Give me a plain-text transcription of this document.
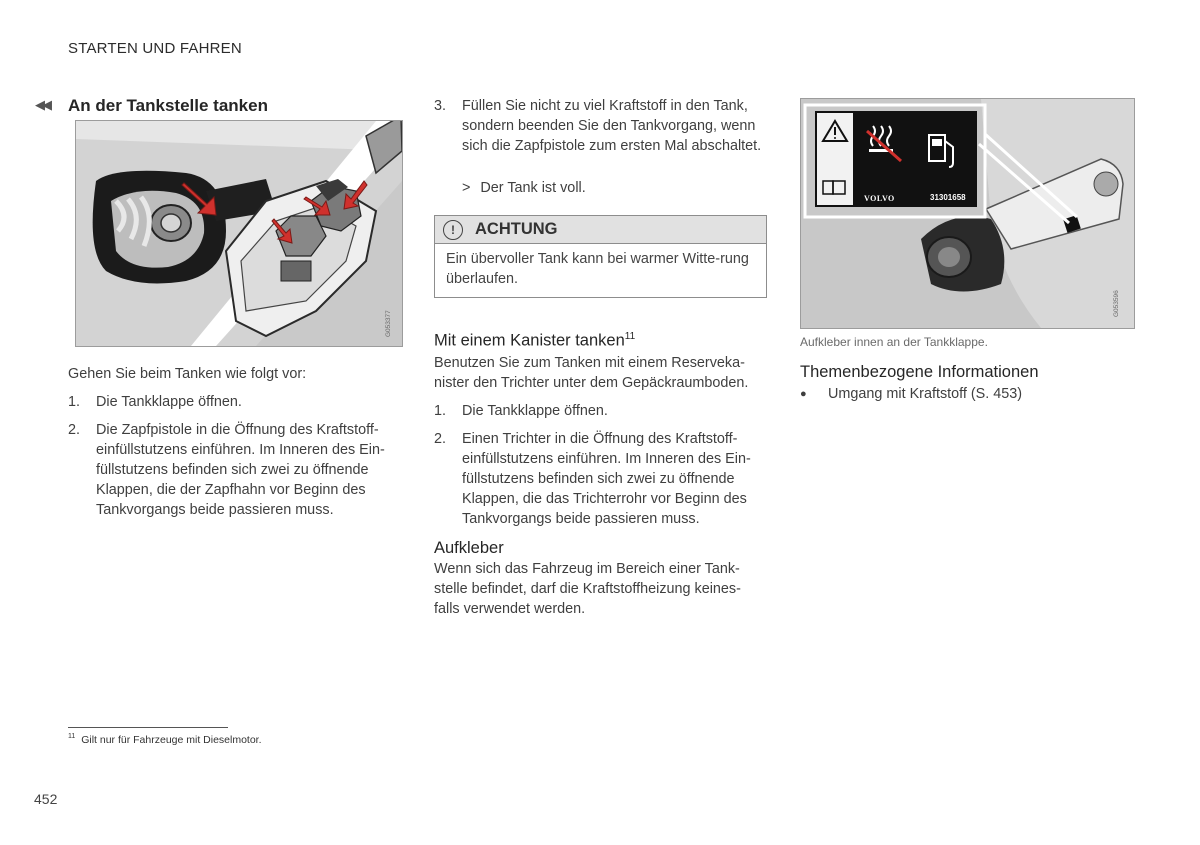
STARTEN UND FAHREN
◀◀ An der Tankstelle tanken
G053377

Gehen Sie beim Tanken wie folgt vor:

1. Die Tankklappe öffnen.
2. Die Zapfpistole in die Öffnung des Kraftstoff-einfüllstutzens einführen. Im Inneren des Ein-füllstutzens befinden sich zwei zu öffnende Klappen, die der Zapfhahn vor Beginn des Tankvorgangs beide passieren muss.
3. Füllen Sie nicht zu viel Kraftstoff in den Tank, sondern beenden Sie den Tankvorgang, wenn sich die Zapfpistole zum ersten Mal abschaltet.
> Der Tank ist voll.
!	ACHTUNG
Ein übervoller Tank kann bei warmer Witte-rung überlaufen.
Mit einem Kanister tanken$^{11}$

Benutzen Sie zum Tanken mit einem Reserveka-nister den Trichter unter dem Gepäckraumboden.

1. Die Tankklappe öffnen.
2. Einen Trichter in die Öffnung des Kraftstoff-einfüllstutzens einführen. Im Inneren des Ein-füllstutzens befinden sich zwei zu öffnende Klappen, die das Trichterrohr vor Beginn des Tankvorgangs beide passieren muss.
Aufkleber

Wenn sich das Fahrzeug im Bereich einer Tank-stelle befindet, darf die Kraftstoffheizung keines-falls verwendet werden.

VOLVO	31301658
G053596
Aufkleber innen an der Tankklappe.
Themenbezogene Informationen
● Umgang mit Kraftstoff (S. 453)
$^{11}$ Gilt nur für Fahrzeuge mit Dieselmotor.
452
